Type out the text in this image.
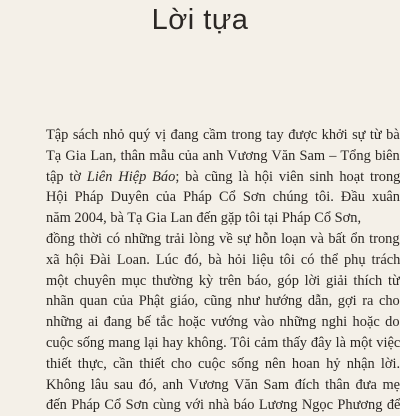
Lời tựa
Tập sách nhỏ quý vị đang cầm trong tay được khởi sự từ bà
Tạ Gia Lan, thân mẫu của anh Vương Văn Sam – Tổng biên
tập tờ Liên Hiệp Báo; bà cũng là hội viên sinh hoạt trong
Hội Pháp Duyên của Pháp Cổ Sơn chúng tôi. Đầu xuân
năm 2004, bà Tạ Gia Lan đến gặp tôi tại Pháp Cổ Sơn,
đồng thời có những trải lòng về sự hỗn loạn và bất ổn trong
xã hội Đài Loan. Lúc đó, bà hỏi liệu tôi có thể phụ trách
một chuyên mục thường kỳ trên báo, góp lời giải thích từ
nhãn quan của Phật giáo, cũng như hướng dẫn, gợi ra cho
những ai đang bế tắc hoặc vướng vào những nghi hoặc do
cuộc sống mang lại hay không. Tôi cảm thấy đây là một việc
thiết thực, cần thiết cho cuộc sống nên hoan hỷ nhận lời.
Không lâu sau đó, anh Vương Văn Sam đích thân đưa mẹ
đến Pháp Cổ Sơn cùng với nhà báo Lương Ngọc Phương để
